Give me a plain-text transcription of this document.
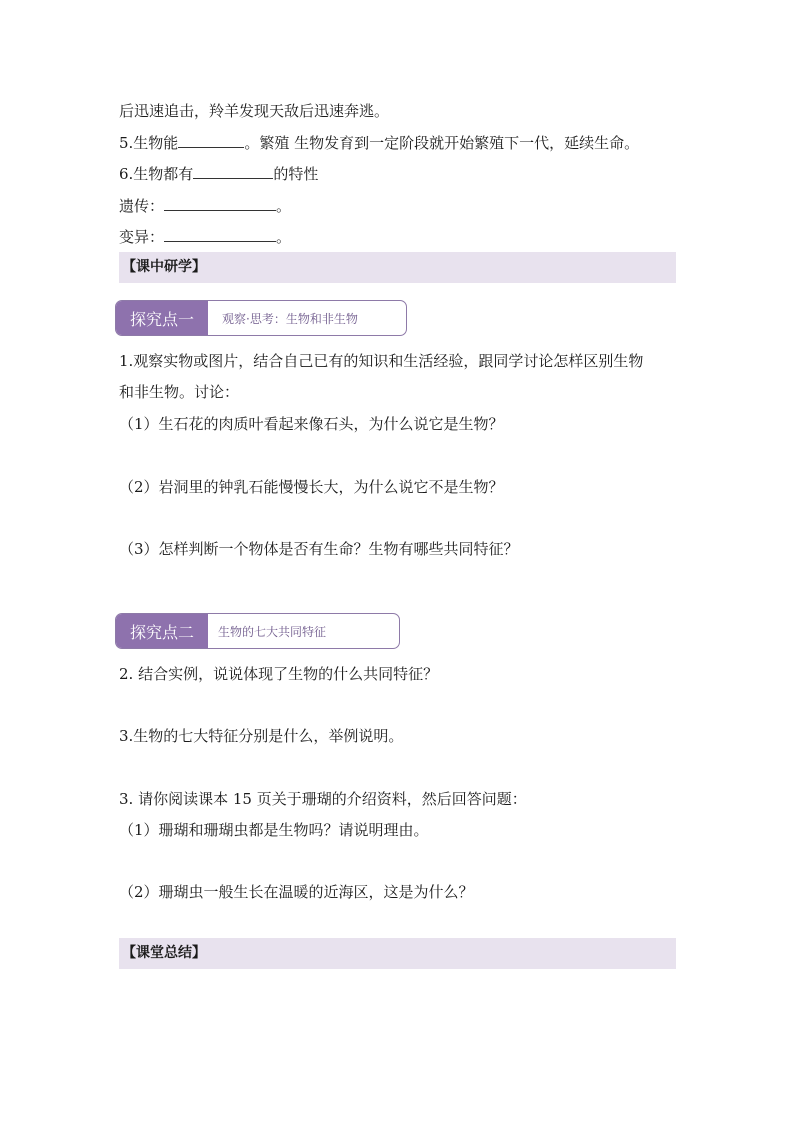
后迅速追击，羚羊发现天敌后迅速奔逃。
5.生物能	。繁殖 生物发育到一定阶段就开始繁殖下一代，延续生命。
6.生物都有	的特性
遗传：	。
变异：	。
【课中研学】
探究点一	观察·思考：生物和非生物
1.观察实物或图片，结合自己已有的知识和生活经验，跟同学讨论怎样区别生物
和非生物。讨论：
（1）生石花的肉质叶看起来像石头，为什么说它是生物？
（2）岩洞里的钟乳石能慢慢长大，为什么说它不是生物？
（3）怎样判断一个物体是否有生命？生物有哪些共同特征？
探究点二	生物的七大共同特征
2. 结合实例，说说体现了生物的什么共同特征？
3.生物的七大特征分别是什么，举例说明。
3. 请你阅读课本 15 页关于珊瑚的介绍资料，然后回答问题：
（1）珊瑚和珊瑚虫都是生物吗？请说明理由。
（2）珊瑚虫一般生长在温暖的近海区，这是为什么？
【课堂总结】
